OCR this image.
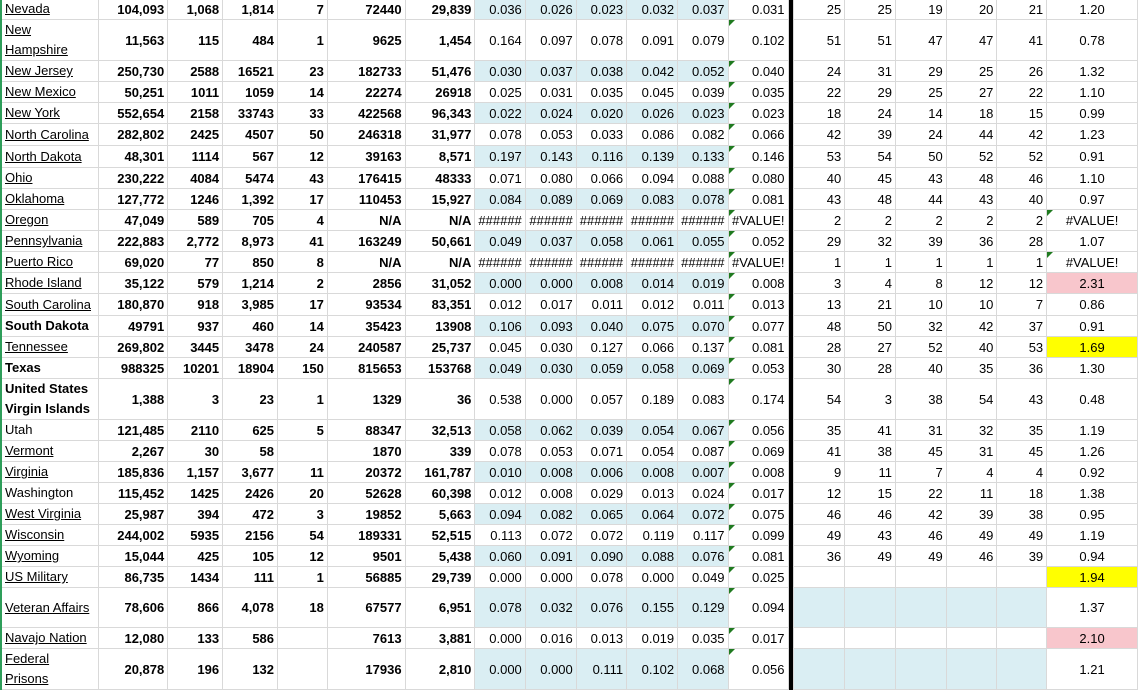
Nevada	104,093	1,068	1,814	7	72440	29,839	0.036	0.026	0.023	0.032	0.037	0.031		25	25	19	20	21	1.20
New Hampshire	11,563	115	484	1	9625	1,454	0.164	0.097	0.078	0.091	0.079	0.102		51	51	47	47	41	0.78
New Jersey	250,730	2588	16521	23	182733	51,476	0.030	0.037	0.038	0.042	0.052	0.040		24	31	29	25	26	1.32
New Mexico	50,251	1011	1059	14	22274	26918	0.025	0.031	0.035	0.045	0.039	0.035		22	29	25	27	22	1.10
New York	552,654	2158	33743	33	422568	96,343	0.022	0.024	0.020	0.026	0.023	0.023		18	24	14	18	15	0.99
North Carolina	282,802	2425	4507	50	246318	31,977	0.078	0.053	0.033	0.086	0.082	0.066		42	39	24	44	42	1.23
North Dakota	48,301	1114	567	12	39163	8,571	0.197	0.143	0.116	0.139	0.133	0.146		53	54	50	52	52	0.91
Ohio	230,222	4084	5474	43	176415	48333	0.071	0.080	0.066	0.094	0.088	0.080		40	45	43	48	46	1.10
Oklahoma	127,772	1246	1,392	17	110453	15,927	0.084	0.089	0.069	0.083	0.078	0.081		43	48	44	43	40	0.97
Oregon	47,049	589	705	4	N/A	N/A	######	######	######	######	######	#VALUE!		2	2	2	2	2	#VALUE!

Pennsylvania	222,883	2,772	8,973	41	163249	50,661	0.049	0.037	0.058	0.061	0.055	0.052		29	32	39	36	28	1.07
Puerto Rico	69,020	77	850	8	N/A	N/A	######	######	######	######	######	#VALUE!		1	1	1	1	1	#VALUE!

Rhode Island	35,122	579	1,214	2	2856	31,052	0.000	0.000	0.008	0.014	0.019	0.008		3	4	8	12	12	2.31
South Carolina	180,870	918	3,985	17	93534	83,351	0.012	0.017	0.011	0.012	0.011	0.013		13	21	10	10	7	0.86
South Dakota	49791	937	460	14	35423	13908	0.106	0.093	0.040	0.075	0.070	0.077		48	50	32	42	37	0.91
Tennessee	269,802	3445	3478	24	240587	25,737	0.045	0.030	0.127	0.066	0.137	0.081		28	27	52	40	53	1.69
Texas	988325	10201	18904	150	815653	153768	0.049	0.030	0.059	0.058	0.069	0.053		30	28	40	35	36	1.30
United States Virgin Islands	1,388	3	23	1	1329	36	0.538	0.000	0.057	0.189	0.083	0.174		54	3	38	54	43	0.48
Utah	121,485	2110	625	5	88347	32,513	0.058	0.062	0.039	0.054	0.067	0.056		35	41	31	32	35	1.19
Vermont	2,267	30	58		1870	339	0.078	0.053	0.071	0.054	0.087	0.069		41	38	45	31	45	1.26
Virginia	185,836	1,157	3,677	11	20372	161,787	0.010	0.008	0.006	0.008	0.007	0.008		9	11	7	4	4	0.92
Washington	115,452	1425	2426	20	52628	60,398	0.012	0.008	0.029	0.013	0.024	0.017		12	15	22	11	18	1.38
West Virginia	25,987	394	472	3	19852	5,663	0.094	0.082	0.065	0.064	0.072	0.075		46	46	42	39	38	0.95
Wisconsin	244,002	5935	2156	54	189331	52,515	0.113	0.072	0.072	0.119	0.117	0.099		49	43	46	49	49	1.19
Wyoming	15,044	425	105	12	9501	5,438	0.060	0.091	0.090	0.088	0.076	0.081		36	49	49	46	39	0.94
US Military	86,735	1434	111	1	56885	29,739	0.000	0.000	0.078	0.000	0.049	0.025							1.94
Veteran Affairs	78,606	866	4,078	18	67577	6,951	0.078	0.032	0.076	0.155	0.129	0.094							1.37
Navajo Nation	12,080	133	586		7613	3,881	0.000	0.016	0.013	0.019	0.035	0.017							2.10
Federal Prisons	20,878	196	132		17936	2,810	0.000	0.000	0.111	0.102	0.068	0.056							1.21
